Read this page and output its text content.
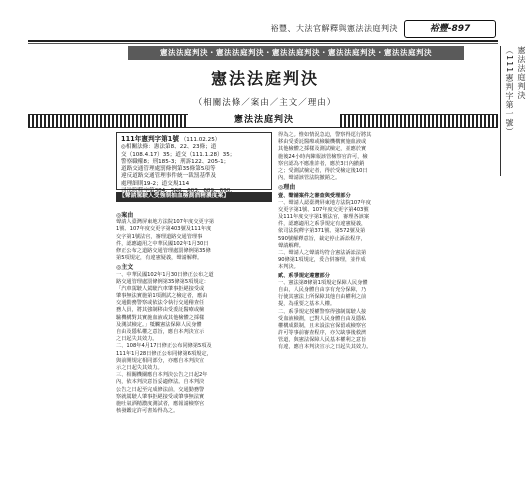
裕豐、大法官解釋與憲法法庭判決	裕豐-897
憲法法庭判決・憲法法庭判決・憲法法庭判決・憲法法庭判決・憲法法庭判決	憲法法庭判決
（111憲判字第一號）
憲法法庭判決
（相關法條／案由／主文／理由）
憲法法庭判決
111年憲判字第1號 （111.02.25）
◎相關法條：憲法第8、22、23條；道
交（108.4.17）35；道交（111.1.28）35；
警察職權8；刑185-3；刑訴122、205-1；
道路交通管理處罰條例第35條第5項等
違反道路交通管理事件統一裁罰基準及
處理細則19-2；道交規114
【聲請駕駛人受強制抽血檢測酒精濃度案】
◎案由
聲請人臺灣屏東地方法院107年度交更字第
1號、107年度交更字第403號及111年度
交字第1號法官，審理道路交通管理事
件，認應適用之中華民國102年1月30日
修正公布之道路交通管理處罰條例第35條
第5項規定，有違憲疑義，聲請解釋。
◎主文
一、中華民國102年1月30日修正公布之道
路交通管理處罰條例第35條第5項規定：
「汽車駕駛人駕駛汽車肇事拒絕接受或
肇事無法實施第1項測試之檢定者，應由
交通勤務警察或依法令執行交通稽查任
務人員，將其強制移由受委託醫療或檢
驗機構對其實施血液或其他檢體之採樣
及測試檢定。」牴觸憲法保障人民身體
自由及隱私權之意旨，應自本判決宣示
之日起失其效力。
二、108年4月17日修正公布同條第5項及
111年1月28日修正公布同條第6項規定，
與前開規定相同部分，亦應自本判決宣
示之日起失其效力。
三、相關機關應自本判決公告之日起2年
內，依本判決意旨妥適修法。自本判決
公告之日起至完成修法前，交通勤務警
察就駕駛人肇事拒絕接受或肇事無法實
施吐氣酒精濃度測試者，應報請檢察官
核發鑑定許可書始得為之。
得為之。惟如情況急迫，警察得逕行將其
移由受委託醫療或檢驗機構實施血液或
其他檢體之採樣及測試檢定，並應於實
施後24小時內陳報該管檢察官許可，檢
察官認為不應准許者，應於3日內撤銷
之；受測試檢定者，得於受檢定後10日
內，聲請該管法院撤銷之。
◎理由
壹、聲請案件之審查與受理部分
一、聲請人認臺灣屏東地方法院107年度
交更字第1號、107年度交更字第403號
及111年度交字第1號法官，審理各該案
件，認應適用之系爭規定有違憲疑義，
依司法院釋字第371號、第572號及第
590號解釋意旨，裁定停止訴訟程序，
聲請解釋。
二、聲請人之聲請均符合憲法訴訟法第
90條第1項規定，爰合併審理，並作成
本判決。
貳、系爭規定違憲部分
一、憲法第8條第1項規定保障人民身體
自由，人民身體自由享有充分保障，乃
行使其憲法上所保障其他自由權利之前
提，為重要之基本人權。
二、系爭規定授權警察得強制駕駛人接
受血液檢測，已對人民身體自由及隱私
權構成限制，且未設法官保留或檢察官
許可等事前審查程序，亦欠缺事後救濟
管道，與憲法保障人民基本權利之意旨
有違，應自本判決宣示之日起失其效力。
